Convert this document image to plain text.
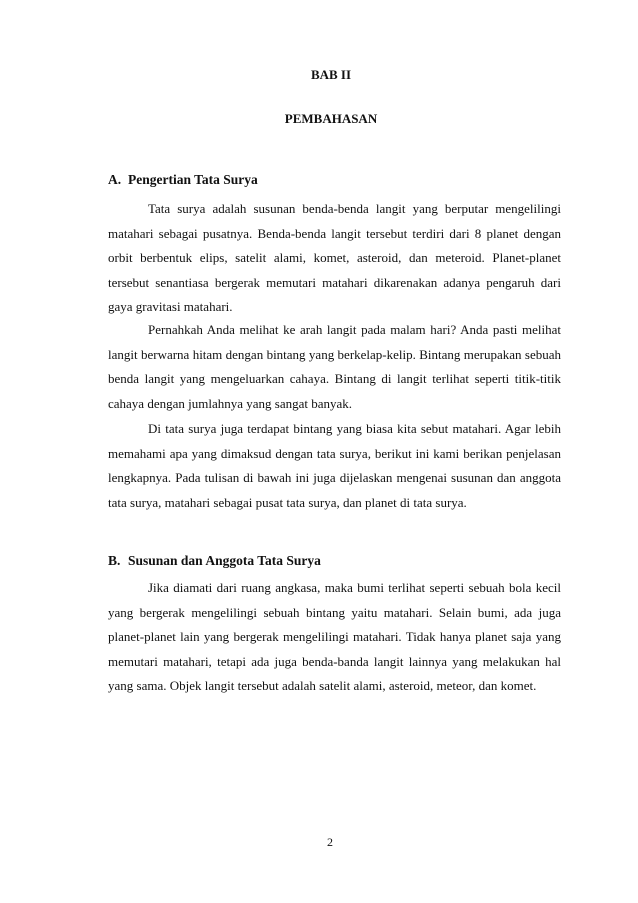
BAB II
PEMBAHASAN
A. Pengertian Tata Surya

Tata surya adalah susunan benda-benda langit yang berputar mengelilingi matahari sebagai pusatnya. Benda-benda langit tersebut terdiri dari 8 planet dengan orbit berbentuk elips, satelit alami, komet, asteroid, dan meteroid. Planet-planet tersebut senantiasa bergerak memutari matahari dikarenakan adanya pengaruh dari gaya gravitasi matahari.

Pernahkah Anda melihat ke arah langit pada malam hari? Anda pasti melihat langit berwarna hitam dengan bintang yang berkelap-kelip. Bintang merupakan sebuah benda langit yang mengeluarkan cahaya. Bintang di langit terlihat seperti titik-titik cahaya dengan jumlahnya yang sangat banyak.

Di tata surya juga terdapat bintang yang biasa kita sebut matahari. Agar lebih memahami apa yang dimaksud dengan tata surya, berikut ini kami berikan penjelasan lengkapnya. Pada tulisan di bawah ini juga dijelaskan mengenai susunan dan anggota tata surya, matahari sebagai pusat tata surya, dan planet di tata surya.

B. Susunan dan Anggota Tata Surya

Jika diamati dari ruang angkasa, maka bumi terlihat seperti sebuah bola kecil yang bergerak mengelilingi sebuah bintang yaitu matahari. Selain bumi, ada juga planet-planet lain yang bergerak mengelilingi matahari. Tidak hanya planet saja yang memutari matahari, tetapi ada juga benda-banda langit lainnya yang melakukan hal yang sama. Objek langit tersebut adalah satelit alami, asteroid, meteor, dan komet.

2
